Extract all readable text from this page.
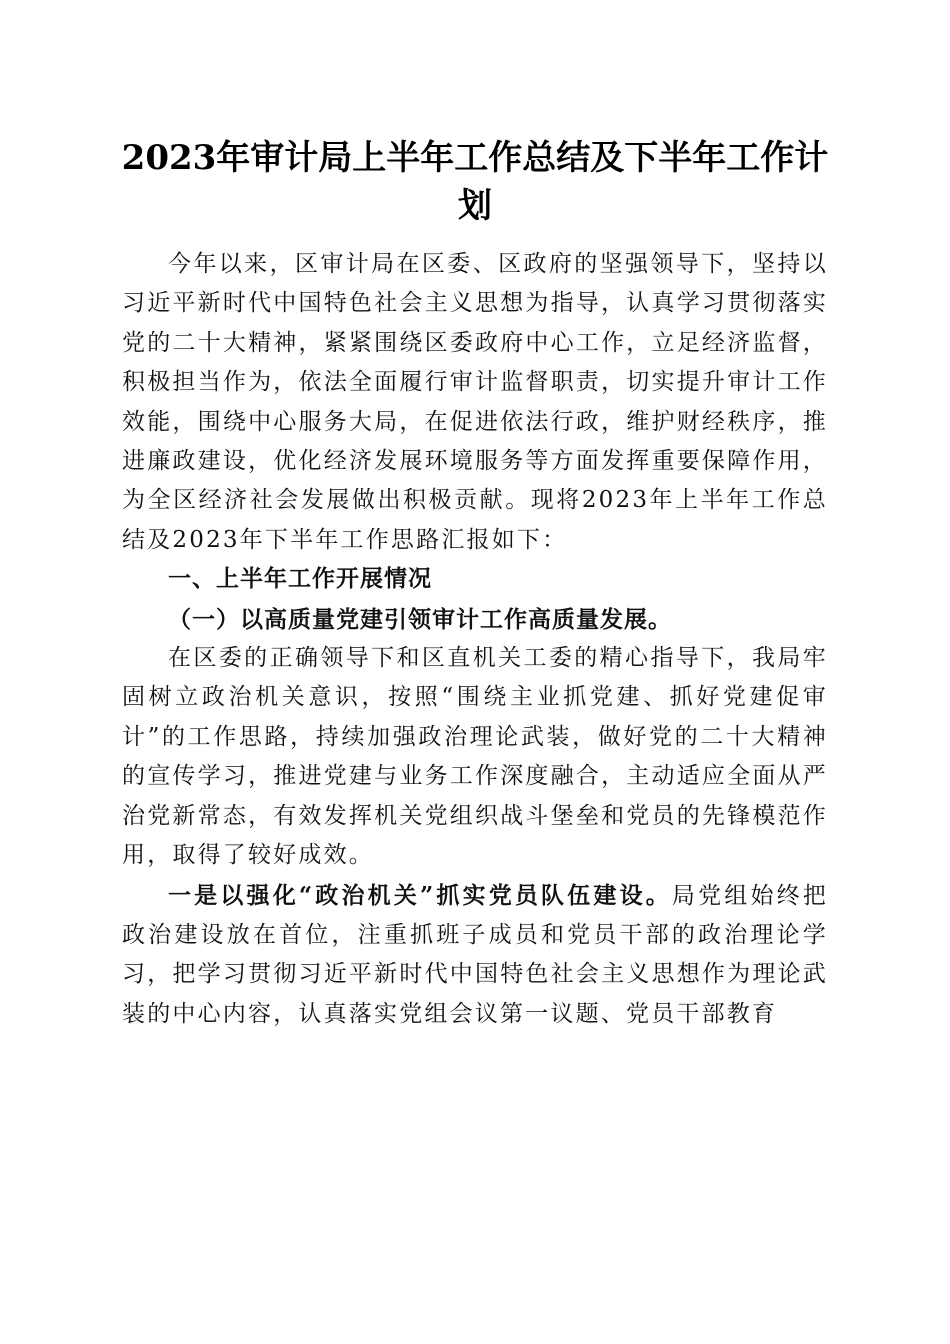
2023年审计局上半年工作总结及下半年工作计划

今年以来，区审计局在区委、区政府的坚强领导下，坚持以习近平新时代中国特色社会主义思想为指导，认真学习贯彻落实党的二十大精神，紧紧围绕区委政府中心工作，立足经济监督，积极担当作为，依法全面履行审计监督职责，切实提升审计工作效能，围绕中心服务大局，在促进依法行政，维护财经秩序，推进廉政建设，优化经济发展环境服务等方面发挥重要保障作用，为全区经济社会发展做出积极贡献。现将2023年上半年工作总结及2023年下半年工作思路汇报如下：

一、上半年工作开展情况

（一）以高质量党建引领审计工作高质量发展。

在区委的正确领导下和区直机关工委的精心指导下，我局牢固树立政治机关意识，按照“围绕主业抓党建、抓好党建促审计”的工作思路，持续加强政治理论武装，做好党的二十大精神的宣传学习，推进党建与业务工作深度融合，主动适应全面从严治党新常态，有效发挥机关党组织战斗堡垒和党员的先锋模范作用，取得了较好成效。

一是以强化“政治机关”抓实党员队伍建设。局党组始终把政治建设放在首位，注重抓班子成员和党员干部的政治理论学习，把学习贯彻习近平新时代中国特色社会主义思想作为理论武装的中心内容，认真落实党组会议第一议题、党员干部教育
